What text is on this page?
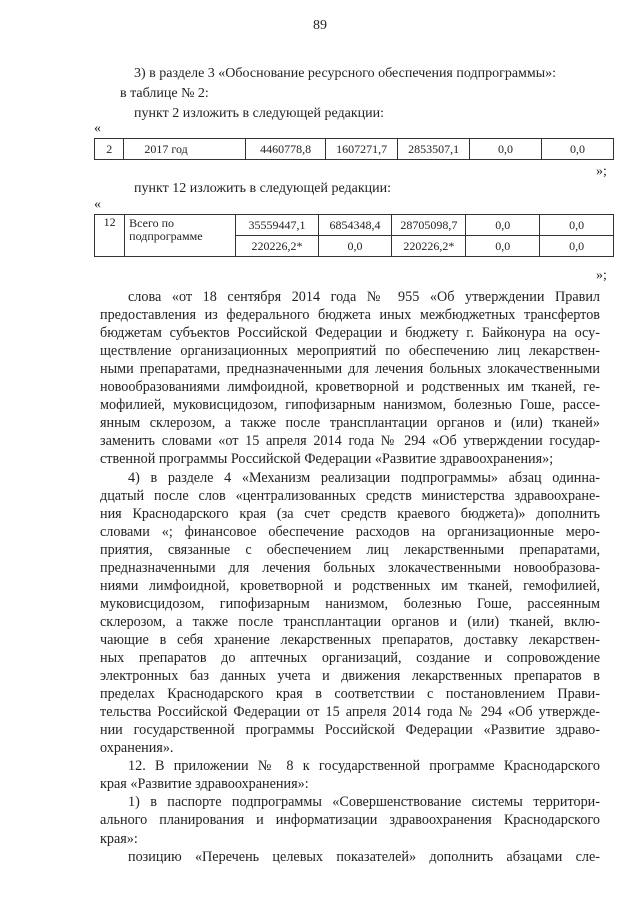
89
3) в разделе 3 «Обоснование ресурсного обеспечения подпрограммы»:
в таблице № 2:
пункт 2 изложить в следующей редакции:
«
2	2017 год	4460778,8	1607271,7	2853507,1	0,0	0,0
»;
пункт 12 изложить в следующей редакции:
«
12	Всего по
подпрограмме	35559447,1	6854348,4	28705098,7	0,0	0,0
		220226,2*	0,0	220226,2*	0,0	0,0
»;
слова «от 18 сентября 2014 года № 955 «Об утверждении Правил
предоставления из федерального бюджета иных межбюджетных трансфертов
бюджетам субъектов Российской Федерации и бюджету г. Байконура на осу-
ществление организационных мероприятий по обеспечению лиц лекарствен-
ными препаратами, предназначенными для лечения больных злокачественными
новообразованиями лимфоидной, кроветворной и родственных им тканей, ге-
мофилией, муковисцидозом, гипофизарным нанизмом, болезнью Гоше, рассе-
янным склерозом, а также после трансплантации органов и (или) тканей»
заменить словами «от 15 апреля 2014 года № 294 «Об утверждении государ-
ственной программы Российской Федерации «Развитие здравоохранения»;
4) в разделе 4 «Механизм реализации подпрограммы» абзац одинна-
дцатый после слов «централизованных средств министерства здравоохране-
ния Краснодарского края (за счет средств краевого бюджета)» дополнить
словами «; финансовое обеспечение расходов на организационные меро-
приятия, связанные с обеспечением лиц лекарственными препаратами,
предназначенными для лечения больных злокачественными новообразова-
ниями лимфоидной, кроветворной и родственных им тканей, гемофилией,
муковисцидозом, гипофизарным нанизмом, болезнью Гоше, рассеянным
склерозом, а также после трансплантации органов и (или) тканей, вклю-
чающие в себя хранение лекарственных препаратов, доставку лекарствен-
ных препаратов до аптечных организаций, создание и сопровождение
электронных баз данных учета и движения лекарственных препаратов в
пределах Краснодарского края в соответствии с постановлением Прави-
тельства Российской Федерации от 15 апреля 2014 года № 294 «Об утвержде-
нии государственной программы Российской Федерации «Развитие здраво-
охранения».
12. В приложении № 8 к государственной программе Краснодарского
края «Развитие здравоохранения»:
1) в паспорте подпрограммы «Совершенствование системы территори-
ального планирования и информатизации здравоохранения Краснодарского
края»:
позицию «Перечень целевых показателей» дополнить абзацами сле-
